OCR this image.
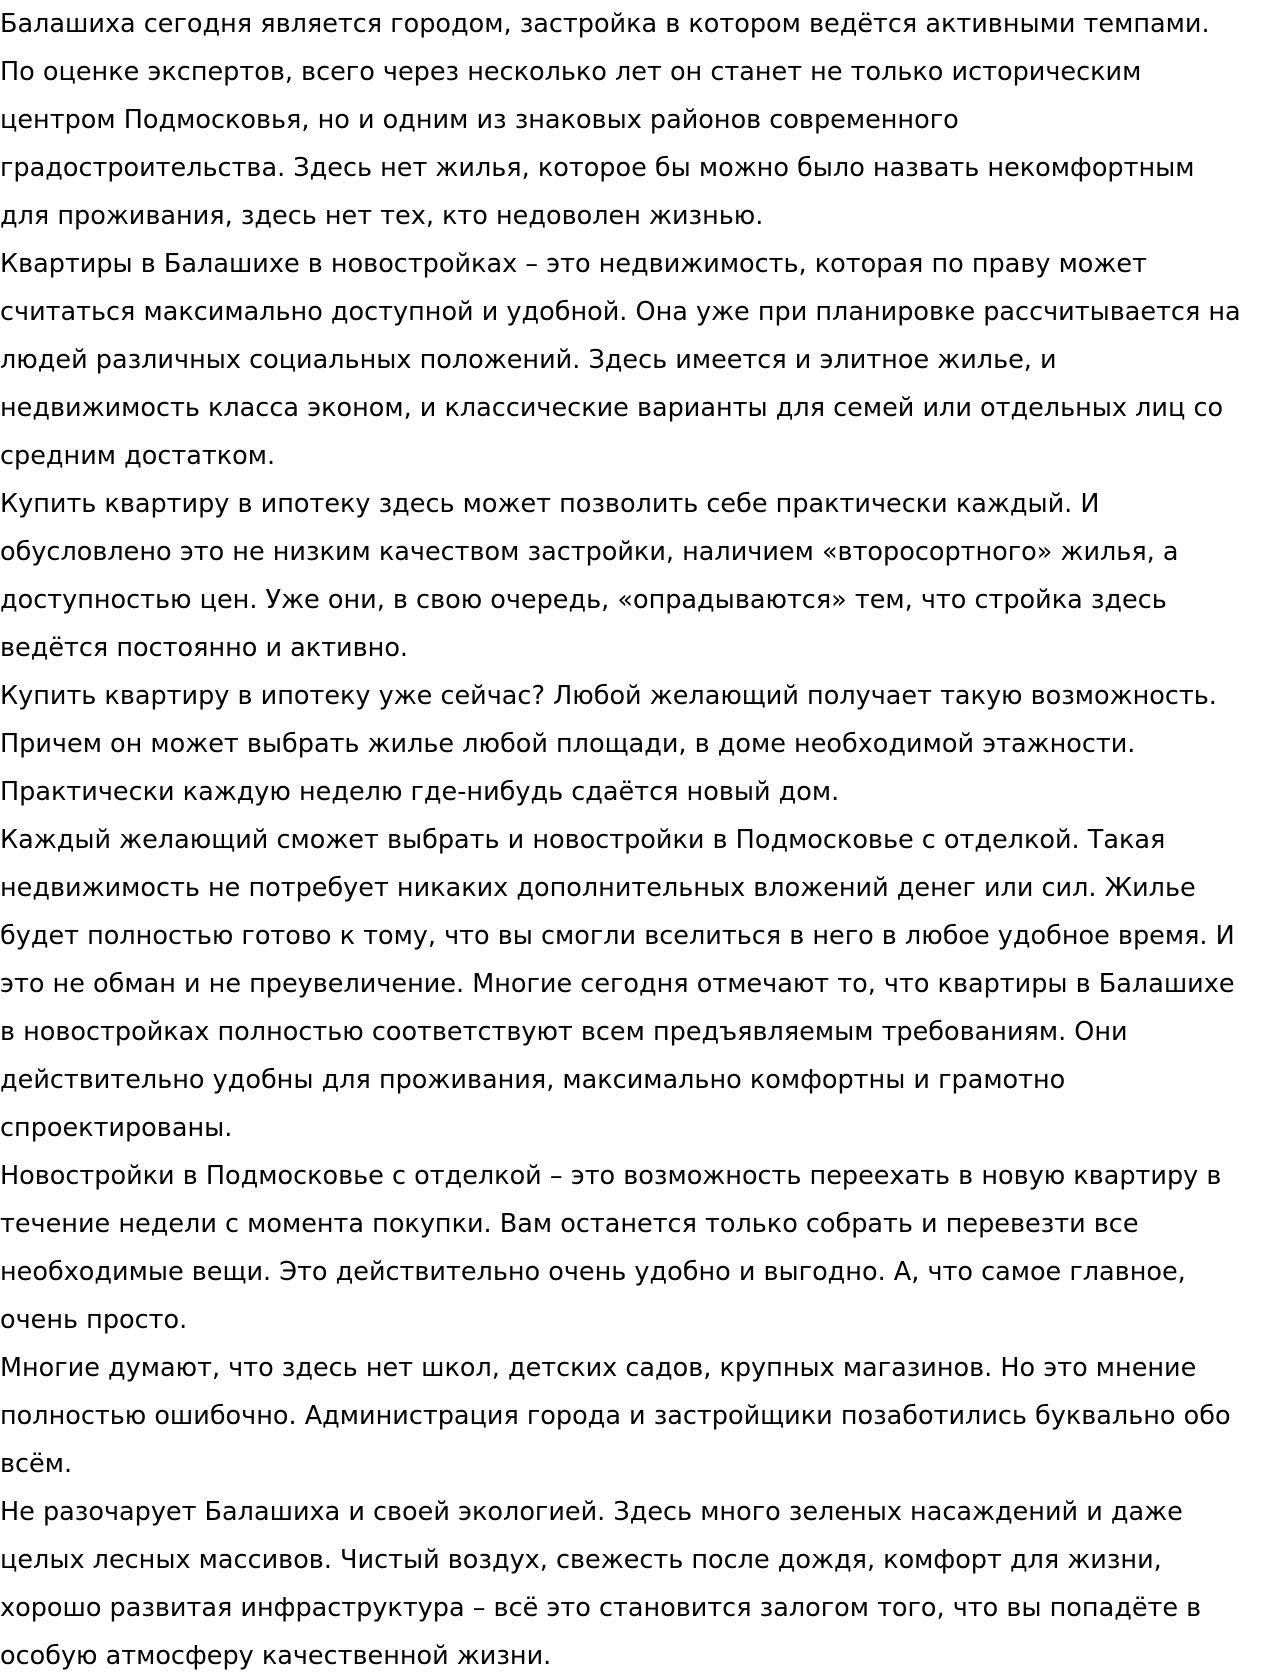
Балашиха сегодня является городом, застройка в котором ведётся активными темпами.
По оценке экспертов, всего через несколько лет он станет не только историческим
центром Подмосковья, но и одним из знаковых районов современного
градостроительства. Здесь нет жилья, которое бы можно было назвать некомфортным
для проживания, здесь нет тех, кто недоволен жизнью.

Квартиры в Балашихе в новостройках – это недвижимость, которая по праву может
считаться максимально доступной и удобной. Она уже при планировке рассчитывается на
людей различных социальных положений. Здесь имеется и элитное жилье, и
недвижимость класса эконом, и классические варианты для семей или отдельных лиц со
средним достатком.

Купить квартиру в ипотеку здесь может позволить себе практически каждый. И
обусловлено это не низким качеством застройки, наличием «второсортного» жилья, а
доступностью цен. Уже они, в свою очередь, «опрадываются» тем, что стройка здесь
ведётся постоянно и активно.

Купить квартиру в ипотеку уже сейчас? Любой желающий получает такую возможность.
Причем он может выбрать жилье любой площади, в доме необходимой этажности.
Практически каждую неделю где-нибудь сдаётся новый дом.

Каждый желающий сможет выбрать и новостройки в Подмосковье с отделкой. Такая
недвижимость не потребует никаких дополнительных вложений денег или сил. Жилье
будет полностью готово к тому, что вы смогли вселиться в него в любое удобное время. И
это не обман и не преувеличение. Многие сегодня отмечают то, что квартиры в Балашихе
в новостройках полностью соответствуют всем предъявляемым требованиям. Они
действительно удобны для проживания, максимально комфортны и грамотно
спроектированы.

Новостройки в Подмосковье с отделкой – это возможность переехать в новую квартиру в
течение недели с момента покупки. Вам останется только собрать и перевезти все
необходимые вещи. Это действительно очень удобно и выгодно. А, что самое главное,
очень просто.

Многие думают, что здесь нет школ, детских садов, крупных магазинов. Но это мнение
полностью ошибочно. Администрация города и застройщики позаботились буквально обо
всём.

Не разочарует Балашиха и своей экологией. Здесь много зеленых насаждений и даже
целых лесных массивов. Чистый воздух, свежесть после дождя, комфорт для жизни,
хорошо развитая инфраструктура – всё это становится залогом того, что вы попадёте в
особую атмосферу качественной жизни.
